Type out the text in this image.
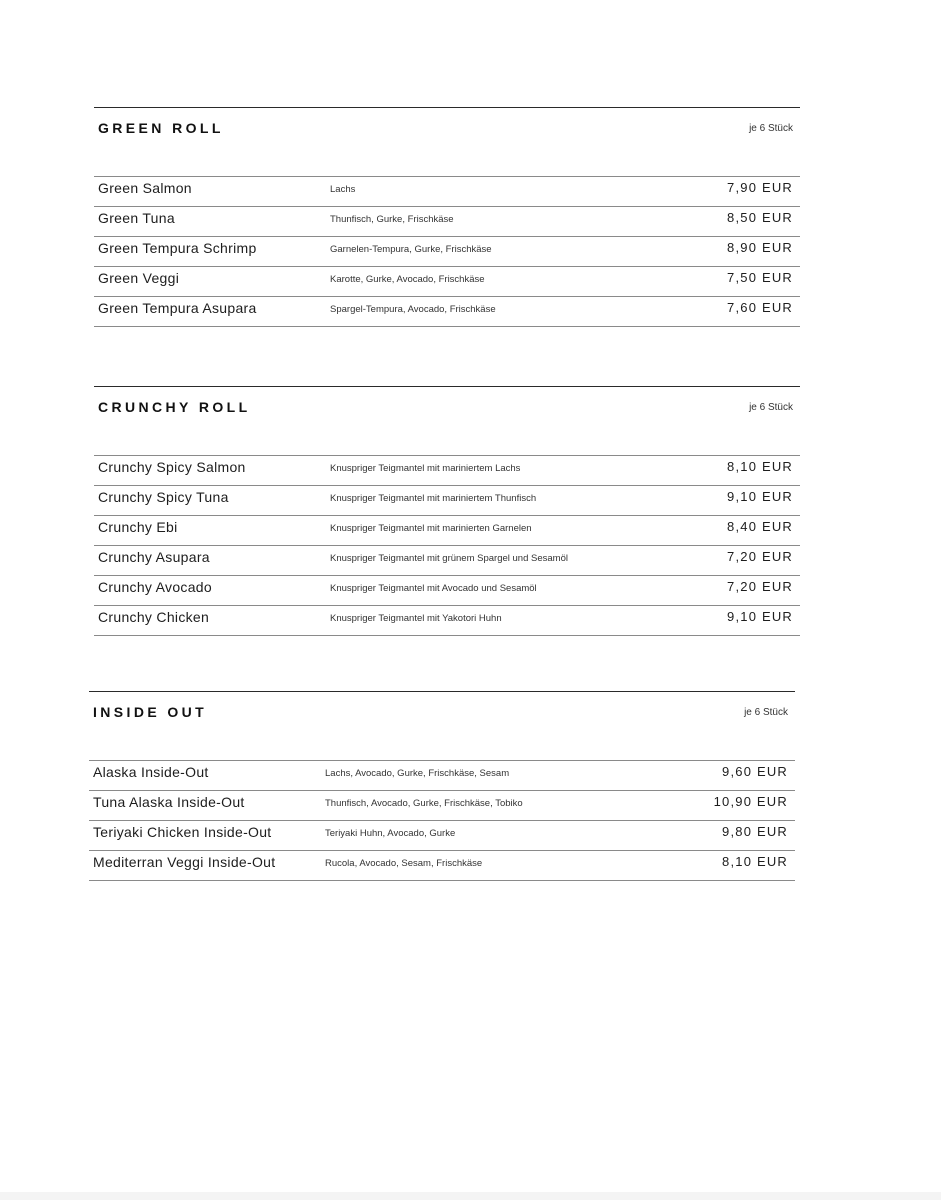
GREEN ROLL	je 6 Stück
Green Salmon	Lachs	7,90 EUR
Green Tuna	Thunfisch, Gurke, Frischkäse	8,50 EUR
Green Tempura Schrimp	Garnelen-Tempura, Gurke, Frischkäse	8,90 EUR
Green Veggi	Karotte, Gurke, Avocado, Frischkäse	7,50 EUR
Green Tempura Asupara	Spargel-Tempura, Avocado, Frischkäse	7,60 EUR
CRUNCHY ROLL	je 6 Stück
Crunchy Spicy Salmon	Knuspriger Teigmantel mit mariniertem Lachs	8,10 EUR
Crunchy Spicy Tuna	Knuspriger Teigmantel mit mariniertem Thunfisch	9,10 EUR
Crunchy Ebi	Knuspriger Teigmantel mit marinierten Garnelen	8,40 EUR
Crunchy Asupara	Knuspriger Teigmantel mit grünem Spargel und Sesamöl	7,20 EUR
Crunchy Avocado	Knuspriger Teigmantel mit Avocado und Sesamöl	7,20 EUR
Crunchy Chicken	Knuspriger Teigmantel mit Yakotori Huhn	9,10 EUR
INSIDE OUT	je 6 Stück
Alaska Inside-Out	Lachs, Avocado, Gurke, Frischkäse, Sesam	9,60 EUR
Tuna Alaska Inside-Out	Thunfisch, Avocado, Gurke, Frischkäse, Tobiko	10,90 EUR
Teriyaki Chicken Inside-Out	Teriyaki Huhn, Avocado, Gurke	9,80 EUR
Mediterran Veggi Inside-Out	Rucola, Avocado, Sesam, Frischkäse	8,10 EUR
